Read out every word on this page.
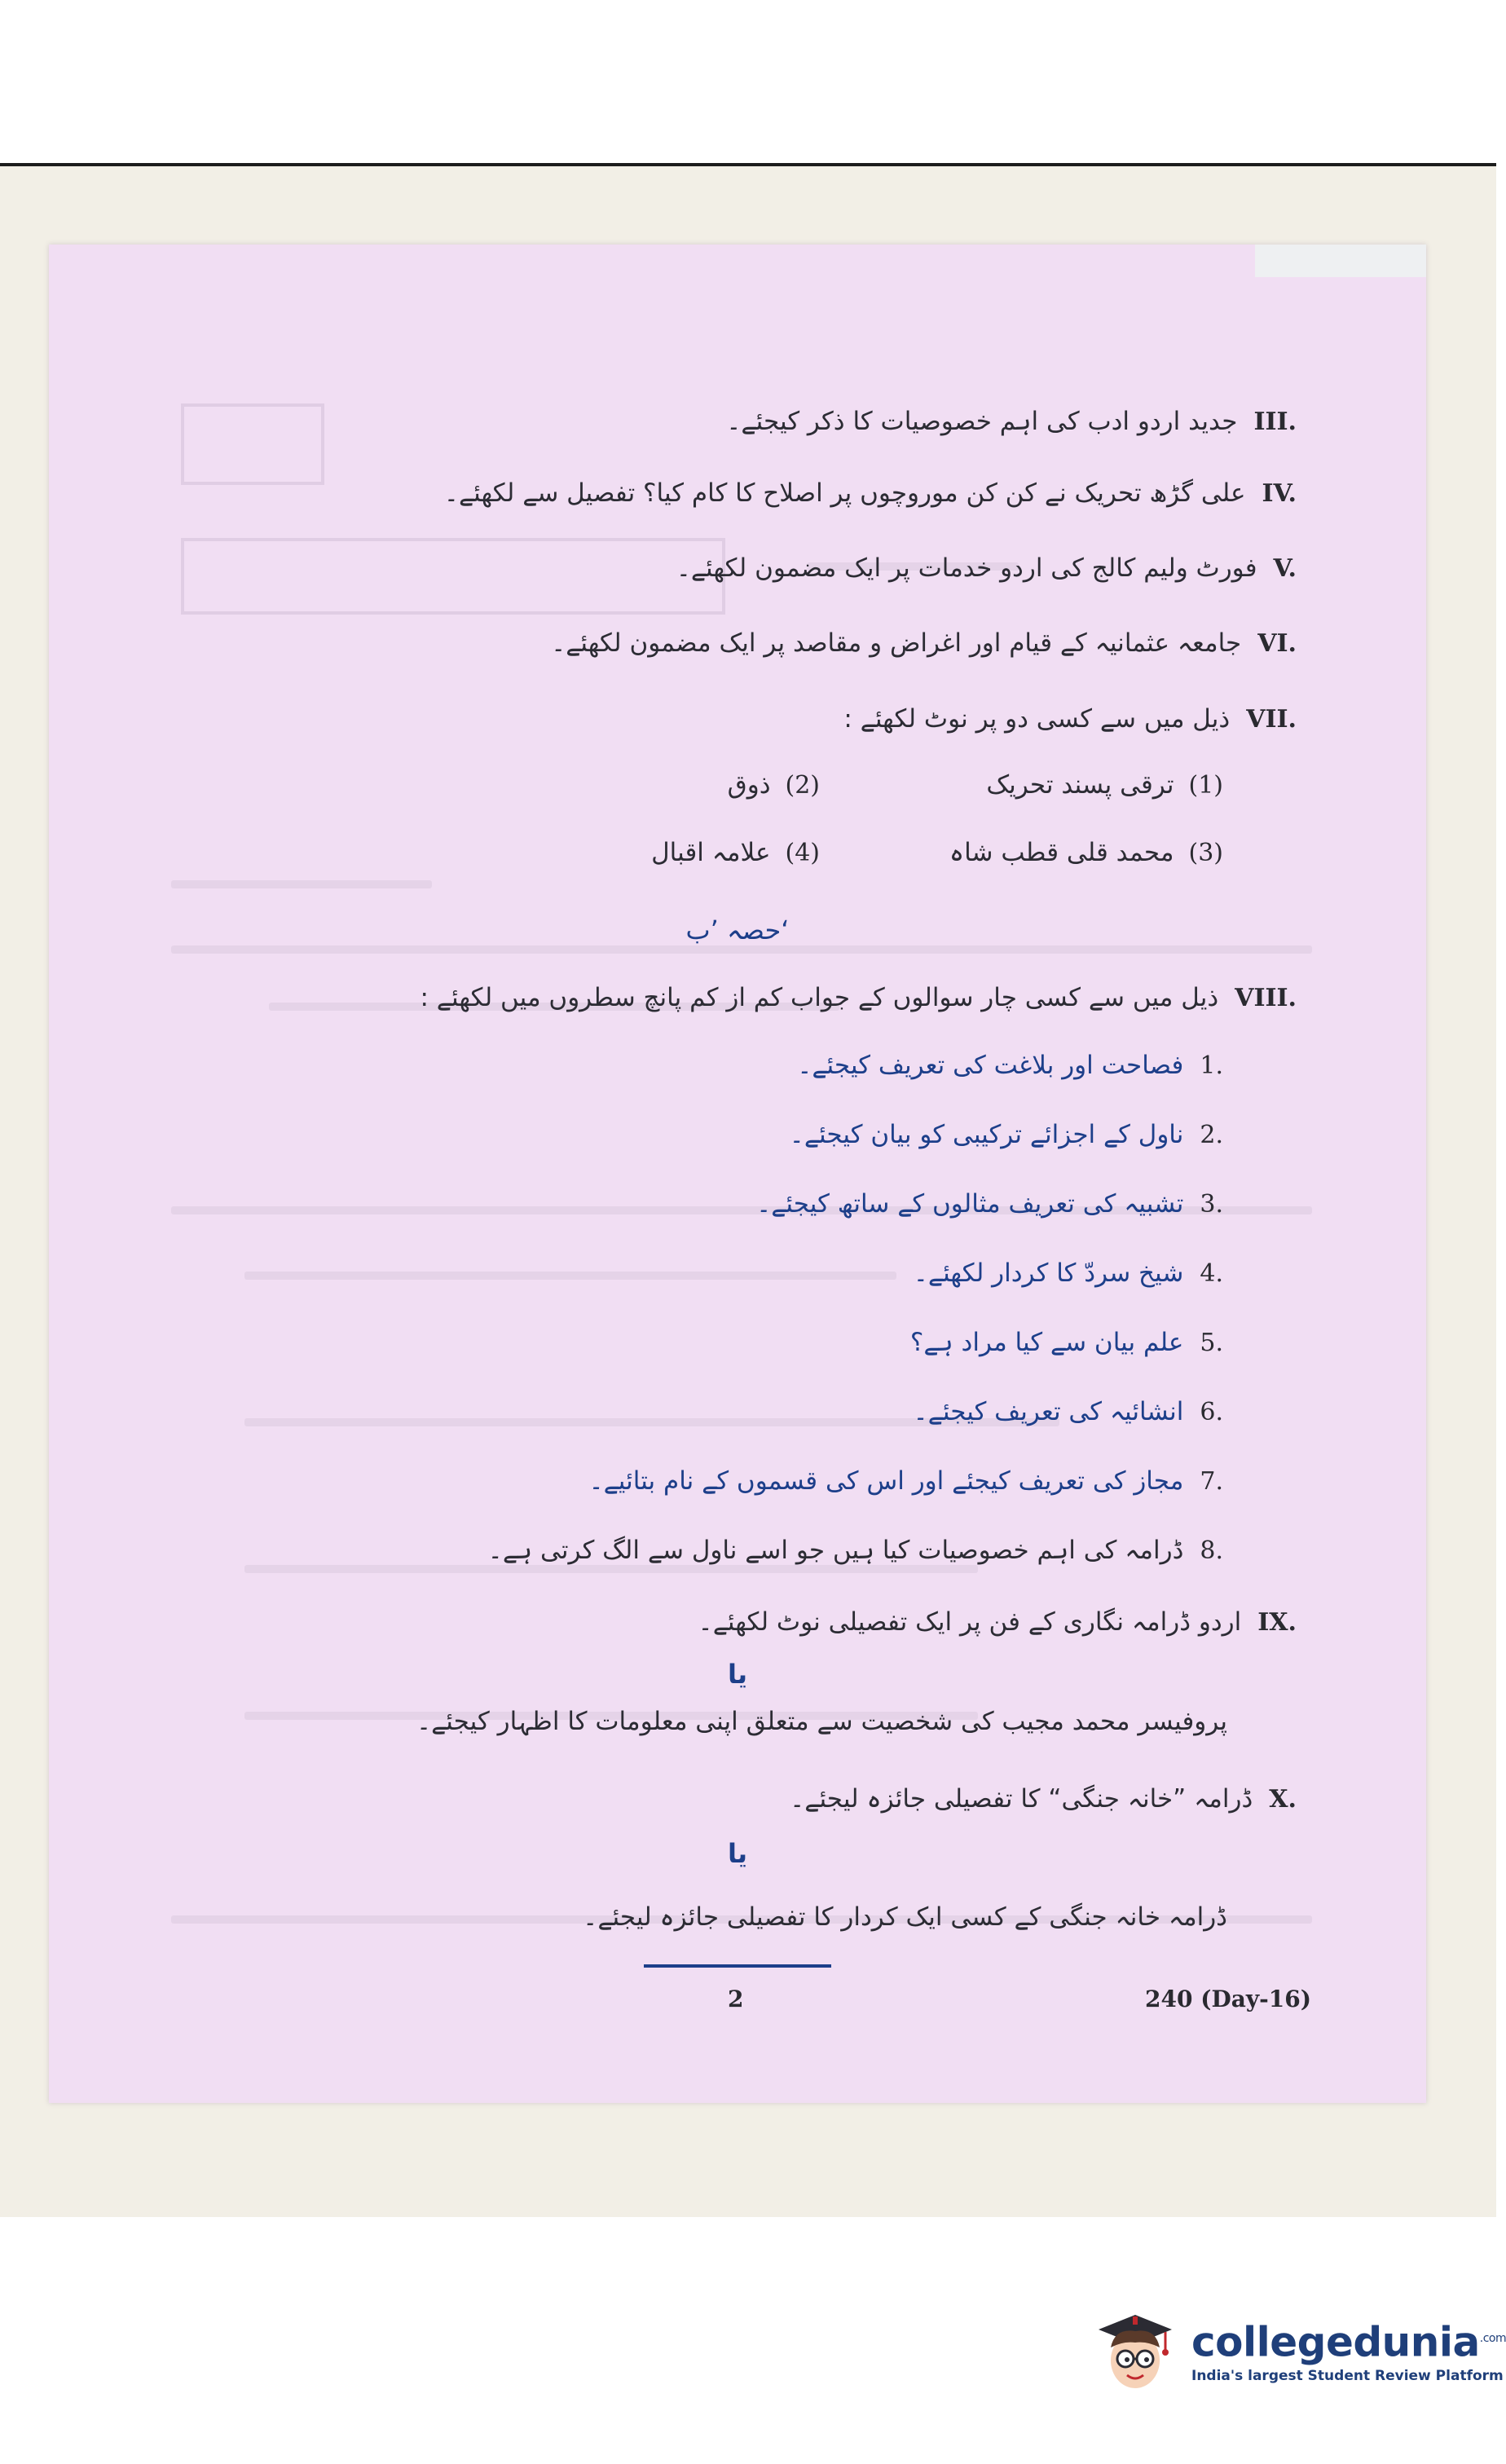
III.
جدید اردو ادب کی اہم خصوصیات کا ذکر کیجئے۔
IV.
علی گڑھ تحریک نے کن کن موروچوں پر اصلاح کا کام کیا؟ تفصیل سے لکھئے۔
V.
فورٹ ولیم کالج کی اردو خدمات پر ایک مضمون لکھئے۔
VI.
جامعہ عثمانیہ کے قیام اور اغراض و مقاصد پر ایک مضمون لکھئے۔
VII.
ذیل میں سے کسی دو پر نوٹ لکھئے :
(1)
ترقی پسند تحریک
(2)
ذوق
(3)
محمد قلی قطب شاہ
(4)
علامہ اقبال
حصہ ’ب‘
VIII.
ذیل میں سے کسی چار سوالوں کے جواب کم از کم پانچ سطروں میں لکھئے :
1.
فصاحت اور بلاغت کی تعریف کیجئے۔
2.
ناول کے اجزائے ترکیبی کو بیان کیجئے۔
3.
تشبیہ کی تعریف مثالوں کے ساتھ کیجئے۔
4.
شیخ سردّ کا کردار لکھئے۔
5.
علم بیان سے کیا مراد ہے؟
6.
انشائیہ کی تعریف کیجئے۔
7.
مجاز کی تعریف کیجئے اور اس کی قسموں کے نام بتائیے۔
8.
ڈرامہ کی اہم خصوصیات کیا ہیں جو اسے ناول سے الگ کرتی ہے۔
IX.
اردو ڈرامہ نگاری کے فن پر ایک تفصیلی نوٹ لکھئے۔
یا
پروفیسر محمد مجیب کی شخصیت سے متعلق اپنی معلومات کا اظہار کیجئے۔
X.
ڈرامہ ”خانہ جنگی“ کا تفصیلی جائزہ لیجئے۔
یا
ڈرامہ خانہ جنگی کے کسی ایک کردار کا تفصیلی جائزہ لیجئے۔
2	240 (Day-16)
collegedunia$^{.com}$
India's largest Student Review Platform
